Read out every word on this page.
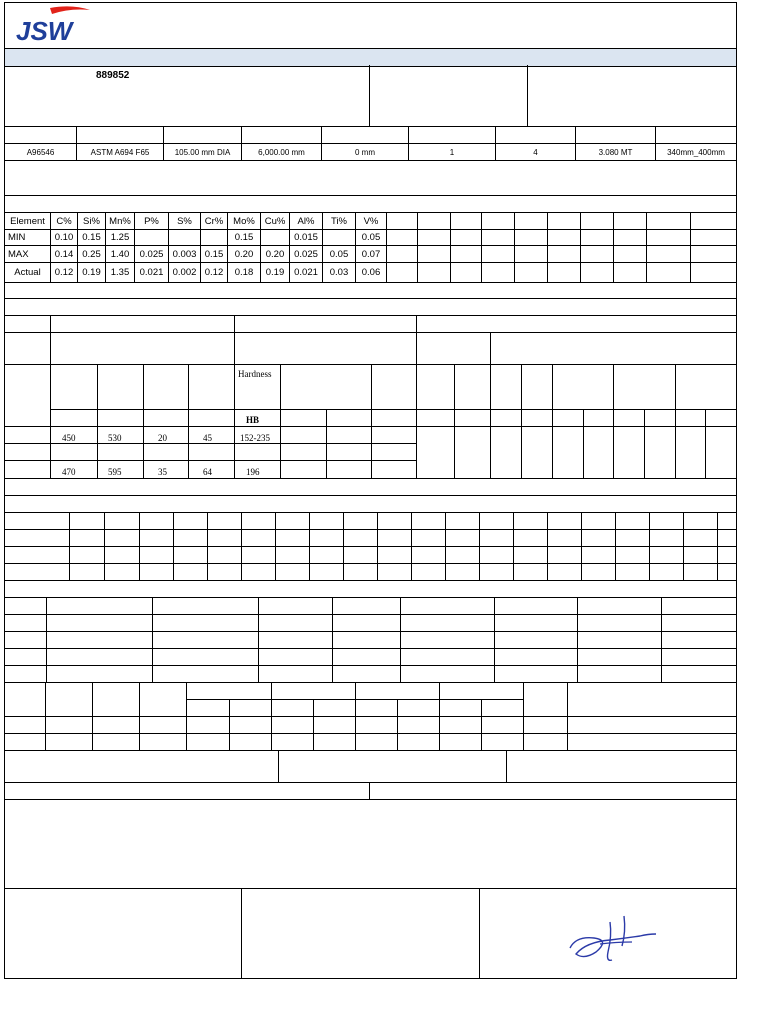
JSW
889852

A96546	ASTM A694 F65	105.00 mm DIA	6,000.00 mm	0 mm	1	4	3.080 MT	340mm_400mm
Element	C%	Si%	Mn%	P%	S%	Cr%	Mo%	Cu%	Al%	Ti%	V%										
MIN	0.10	0.15	1.25				0.15		0.015		0.05										
MAX	0.14	0.25	1.40	0.025	0.003	0.15	0.20	0.20	0.025	0.05	0.07										
Actual	0.12	0.19	1.35	0.021	0.002	0.12	0.18	0.19	0.021	0.03	0.06										
Hardness
HB
450	530	20	45	152-235
470	595	35	64	196
